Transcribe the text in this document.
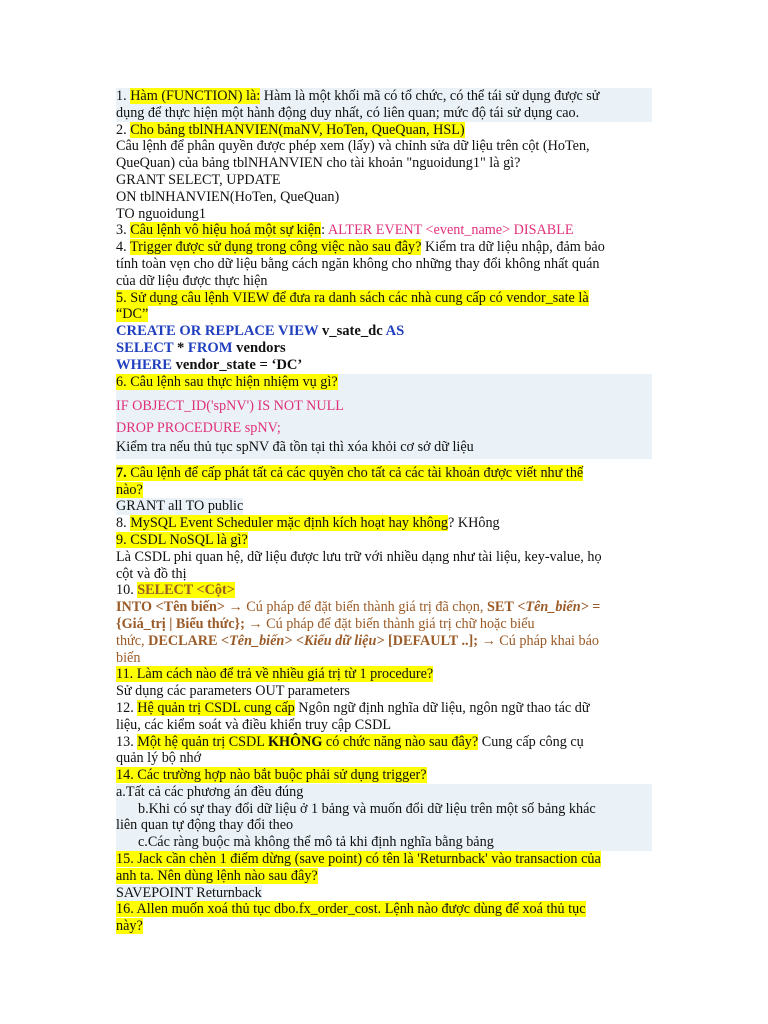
1. Hàm (FUNCTION) là: Hàm là một khối mã có tổ chức, có thể tái sử dụng được sử
dụng để thực hiện một hành động duy nhất, có liên quan; mức độ tái sử dụng cao.
2. Cho bảng tblNHANVIEN(maNV, HoTen, QueQuan, HSL)
Câu lệnh để phân quyền được phép xem (lấy) và chỉnh sửa dữ liệu trên cột (HoTen,
QueQuan) của bảng tblNHANVIEN cho tài khoản "nguoidung1" là gì?
GRANT SELECT, UPDATE
ON tblNHANVIEN(HoTen, QueQuan)
TO nguoidung1
3. Câu lệnh vô hiệu hoá một sự kiện: ALTER EVENT <event_name> DISABLE
4. Trigger được sử dụng trong công việc nào sau đây? Kiểm tra dữ liệu nhập, đảm bảo
tính toàn vẹn cho dữ liệu bằng cách ngăn không cho những thay đổi không nhất quán
của dữ liệu được thực hiện
5. Sử dụng câu lệnh VIEW để đưa ra danh sách các nhà cung cấp có vendor_sate là
“DC”
CREATE OR REPLACE VIEW v_sate_dc AS
SELECT * FROM vendors
WHERE vendor_state = ‘DC’
6. Câu lệnh sau thực hiện nhiệm vụ gì?
IF OBJECT_ID('spNV') IS NOT NULL
DROP PROCEDURE spNV;
Kiểm tra nếu thủ tục spNV đã tồn tại thì xóa khỏi cơ sở dữ liệu
7. Câu lệnh để cấp phát tất cả các quyền cho tất cả các tài khoản được viết như thế
nào?
GRANT all TO public
8. MySQL Event Scheduler mặc định kích hoạt hay không? KHông
9. CSDL NoSQL là gì?
Là CSDL phi quan hệ, dữ liệu được lưu trữ với nhiều dạng như tài liệu, key-value, họ
cột và đồ thị
10. SELECT <Cột>
INTO <Tên biến> → Cú pháp để đặt biến thành giá trị đã chọn, SET <Tên_biến> =
{Giá_trị | Biểu thức}; → Cú pháp để đặt biến thành giá trị chữ hoặc biểu
thức, DECLARE <Tên_biến> <Kiểu dữ liệu> [DEFAULT ..]; → Cú pháp khai báo
biến
11. Làm cách nào để trả về nhiều giá trị từ 1 procedure?
Sử dụng các parameters OUT parameters
12. Hệ quản trị CSDL cung cấp Ngôn ngữ định nghĩa dữ liệu, ngôn ngữ thao tác dữ
liệu, các kiểm soát và điều khiển truy cập CSDL
13. Một hệ quản trị CSDL KHÔNG có chức năng nào sau đây? Cung cấp công cụ
quản lý bộ nhớ
14. Các trường hợp nào bắt buộc phải sử dụng trigger?
a.Tất cả các phương án đều đúng
b.Khi có sự thay đổi dữ liệu ở 1 bảng và muốn đổi dữ liệu trên một số bảng khác
liên quan tự động thay đổi theo
c.Các ràng buộc mà không thể mô tả khi định nghĩa bằng bảng
15. Jack cần chèn 1 điểm dừng (save point) có tên là 'Returnback' vào transaction của
anh ta. Nên dùng lệnh nào sau đây?
SAVEPOINT Returnback
16. Allen muốn xoá thủ tục dbo.fx_order_cost. Lệnh nào được dùng để xoá thủ tục
này?
